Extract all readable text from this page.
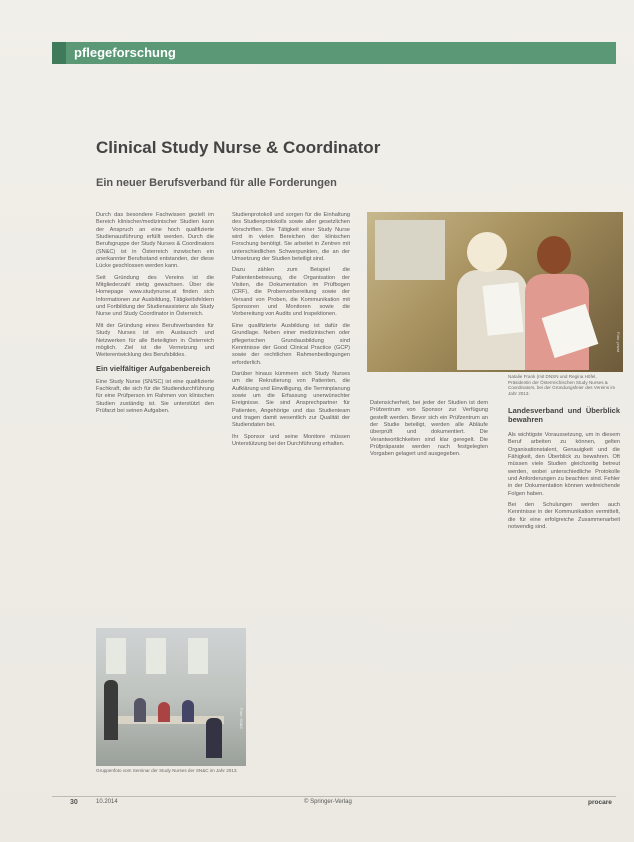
pflegeforschung
Clinical Study Nurse & Coordinator
Ein neuer Berufsverband für alle Forderungen

Durch das besondere Fachwissen gezielt im Bereich klinischer/medizinischer Studien kann der Anspruch an eine hoch qualifizierte Studienausführung erfüllt werden. Durch die Berufsgruppe der Study Nurses & Coordinators (SN&C) ist in Österreich inzwischen ein anerkannter Berufsstand entstanden, der diese Lücke geschlossen werden kann.

Seit Gründung des Vereins ist die Mitgliederzahl stetig gewachsen. Über die Homepage www.studynurse.at finden sich Informationen zur Ausbildung, Tätigkeitsfeldern und Fortbildung der Studienassistenz als Study Nurse und Study Coordinator in Österreich.

Mit der Gründung eines Berufsverbandes für Study Nurses ist ein Austausch und Netzwerken für alle Beteiligten in Österreich möglich. Ziel ist die Vernetzung und Weiterentwicklung des Berufsbildes.

Ein vielfältiger Aufgabenbereich

Eine Study Nurse (SN/SC) ist eine qualifizierte Fachkraft, die sich für die Studiendurchführung für eine Prüfperson im Rahmen von klinischen Studien zuständig ist. Sie unterstützt den Prüfarzt bei seinen Aufgaben.

Studienprotokoll und sorgen für die Einhaltung des Studienprotokolls sowie aller gesetzlichen Vorschriften. Die Tätigkeit einer Study Nurse wird in vielen Bereichen der klinischen Forschung benötigt. Sie arbeitet in Zentren mit unterschiedlichen Schwerpunkten, die an der Umsetzung der Studien beteiligt sind.

Dazu zählen zum Beispiel die Patientenbetreuung, die Organisation der Visiten, die Dokumentation im Prüfbogen (CRF), die Probenvorbereitung sowie der Versand von Proben, die Kommunikation mit Sponsoren und Monitoren sowie die Vorbereitung von Audits und Inspektionen.

Eine qualifizierte Ausbildung ist dafür die Grundlage. Neben einer medizinischen oder pflegerischen Grundausbildung sind Kenntnisse der Good Clinical Practice (GCP) sowie der rechtlichen Rahmenbedingungen erforderlich.

Darüber hinaus kümmern sich Study Nurses um die Rekrutierung von Patienten, die Aufklärung und Einwilligung, die Terminplanung sowie um die Erfassung unerwünschter Ereignisse. Sie sind Ansprechpartner für Patienten, Angehörige und das Studienteam und tragen damit wesentlich zur Qualität der Studiendaten bei.

Ihr Sponsor und seine Monitore müssen Unterstützung bei der Durchführung erhalten.

Foto: privat
Natalie Frank (mit DNSN und Regina Höfel, Präsidentin der Österreichischen Study Nurses & Coordinators, bei der Gründungsfeier des Vereins im Jahr 2013.

Datensicherheit, bei jeder der Studien ist dem Prüfzentrum von Sponsor zur Verfügung gestellt werden. Bevor sich ein Prüfzentrum an der Studie beteiligt, werden alle Abläufe überprüft und dokumentiert. Die Verantwortlichkeiten sind klar geregelt. Die Prüfpräparate werden nach festgelegten Vorgaben gelagert und ausgegeben.

Landesverband und Überblick bewahren

Als wichtigste Voraussetzung, um in diesem Beruf arbeiten zu können, gelten Organisationstalent, Genauigkeit und die Fähigkeit, den Überblick zu bewahren. Oft müssen viele Studien gleichzeitig betreut werden, wobei unterschiedliche Protokolle und Anforderungen zu beachten sind. Fehler in der Dokumentation können weitreichende Folgen haben.

Bei den Schulungen werden auch Kenntnisse in der Kommunikation vermittelt, die für eine erfolgreiche Zusammenarbeit notwendig sind.

Foto: SN&C
Gruppenfoto vom Seminar der Study Nurses der SN&C im Jahr 2013.
30	10.2014	© Springer-Verlag	procare
